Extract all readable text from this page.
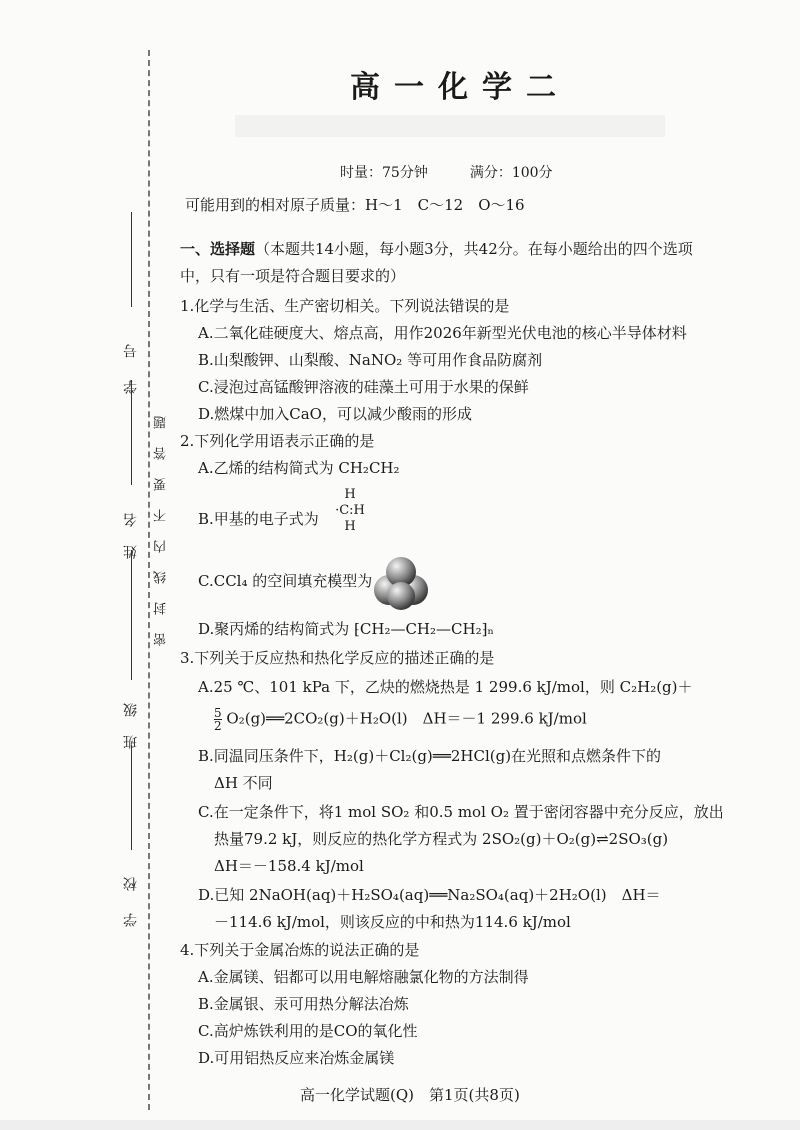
学号
姓名
班级
学校
密封线内不要答题
高一化学二
时量：75分钟　　　满分：100分
可能用到的相对原子质量：H～1　C～12　O～16
一、选择题（本题共14小题，每小题3分，共42分。在每小题给出的四个选项
中，只有一项是符合题目要求的）
1.化学与生活、生产密切相关。下列说法错误的是
A.二氧化硅硬度大、熔点高，用作2026年新型光伏电池的核心半导体材料
B.山梨酸钾、山梨酸、NaNO₂ 等可用作食品防腐剂
C.浸泡过高锰酸钾溶液的硅藻土可用于水果的保鲜
D.燃煤中加入CaO，可以减少酸雨的形成
2.下列化学用语表示正确的是
A.乙烯的结构简式为 CH₂CH₂
B.甲基的电子式为
H
·C:H
H
C.CCl₄ 的空间填充模型为
D.聚丙烯的结构简式为 ⁅CH₂—CH₂—CH₂⁆ₙ
3.下列关于反应热和热化学反应的描述正确的是
A.25 ℃、101 kPa 下，乙炔的燃烧热是 1 299.6 kJ/mol，则 C₂H₂(g)＋
$\frac{5}{2}$ O₂(g)══2CO₂(g)＋H₂O(l)　ΔH＝－1 299.6 kJ/mol
B.同温同压条件下，H₂(g)＋Cl₂(g)══2HCl(g)在光照和点燃条件下的
ΔH 不同
C.在一定条件下，将1 mol SO₂ 和0.5 mol O₂ 置于密闭容器中充分反应，放出
热量79.2 kJ，则反应的热化学方程式为 2SO₂(g)＋O₂(g)⇌2SO₃(g)
ΔH＝－158.4 kJ/mol
D.已知 2NaOH(aq)＋H₂SO₄(aq)══Na₂SO₄(aq)＋2H₂O(l)　ΔH＝
－114.6 kJ/mol，则该反应的中和热为114.6 kJ/mol
4.下列关于金属冶炼的说法正确的是
A.金属镁、铝都可以用电解熔融氯化物的方法制得
B.金属银、汞可用热分解法冶炼
C.高炉炼铁利用的是CO的氧化性
D.可用铝热反应来冶炼金属镁
高一化学试题(Q)　第1页(共8页)
